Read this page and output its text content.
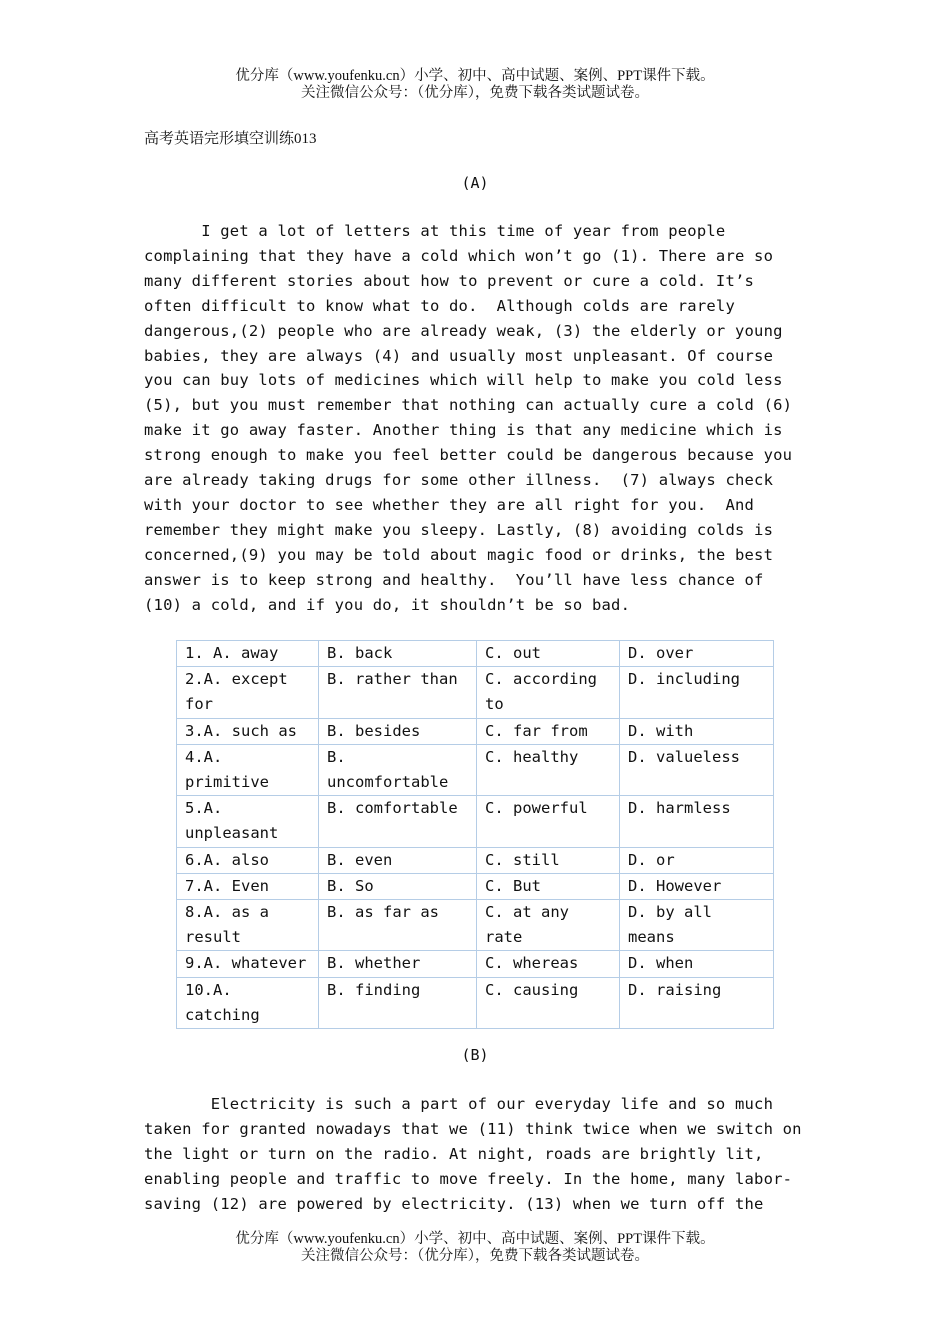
优分库（www.youfenku.cn）小学、初中、高中试题、案例、PPT课件下载。
关注微信公众号：（优分库），免费下载各类试题试卷。
高考英语完形填空训练013
(A)
I get a lot of letters at this time of year from people
complaining that they have a cold which won’t go (1). There are so
many different stories about how to prevent or cure a cold. It’s
often difficult to know what to do.  Although colds are rarely
dangerous,(2) people who are already weak, (3) the elderly or young
babies, they are always (4) and usually most unpleasant. Of course
you can buy lots of medicines which will help to make you cold less
(5), but you must remember that nothing can actually cure a cold (6)
make it go away faster. Another thing is that any medicine which is
strong enough to make you feel better could be dangerous because you
are already taking drugs for some other illness.  (7) always check
with your doctor to see whether they are all right for you.  And
remember they might make you sleepy. Lastly, (8) avoiding colds is
concerned,(9) you may be told about magic food or drinks, the best
answer is to keep strong and healthy.  You’ll have less chance of
(10) a cold, and if you do, it shouldn’t be so bad.
1. A. away	B. back	C. out	D. over
2.A. except
for	B. rather than	C. according
to	D. including
3.A. such as	B. besides	C. far from	D. with
4.A.
primitive	B.
uncomfortable	C. healthy	D. valueless
5.A.
unpleasant	B. comfortable	C. powerful	D. harmless
6.A. also	B. even	C. still	D. or
7.A. Even	B. So	C. But	D. However
8.A. as a
result	B. as far as	C. at any
rate	D. by all
means
9.A. whatever	B. whether	C. whereas	D. when
10.A.
catching	B. finding	C. causing	D. raising
(B)
Electricity is such a part of our everyday life and so much
taken for granted nowadays that we (11) think twice when we switch on
the light or turn on the radio. At night, roads are brightly lit,
enabling people and traffic to move freely. In the home, many labor-
saving (12) are powered by electricity. (13) when we turn off the
优分库（www.youfenku.cn）小学、初中、高中试题、案例、PPT课件下载。
关注微信公众号：（优分库），免费下载各类试题试卷。
